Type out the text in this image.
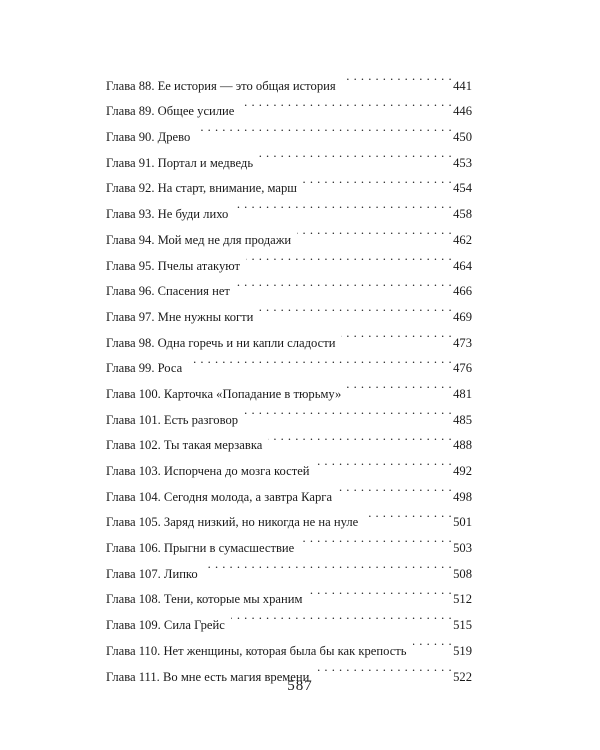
Глава 88. Ее история — это общая история . . .	441
Глава 89. Общее усилие . . .	446
Глава 90. Древо . . .	450
Глава 91. Портал и медведь . . .	453
Глава 92. На старт, внимание, марш . . .	454
Глава 93. Не буди лихо . . .	458
Глава 94. Мой мед не для продажи . . .	462
Глава 95. Пчелы атакуют . . .	464
Глава 96. Спасения нет . . .	466
Глава 97. Мне нужны когти . . .	469
Глава 98. Одна горечь и ни капли сладости . . .	473
Глава 99. Роса . . .	476
Глава 100. Карточка «Попадание в тюрьму» . . .	481
Глава 101. Есть разговор . . .	485
Глава 102. Ты такая мерзавка . . .	488
Глава 103. Испорчена до мозга костей . . .	492
Глава 104. Сегодня молода, а завтра Карга . . .	498
Глава 105. Заряд низкий, но никогда не на нуле . . .	501
Глава 106. Прыгни в сумасшествие . . .	503
Глава 107. Липко . . .	508
Глава 108. Тени, которые мы храним . . .	512
Глава 109. Сила Грейс . . .	515
Глава 110. Нет женщины, которая была бы как крепость . . .	519
Глава 111. Во мне есть магия времени . . .	522
587
